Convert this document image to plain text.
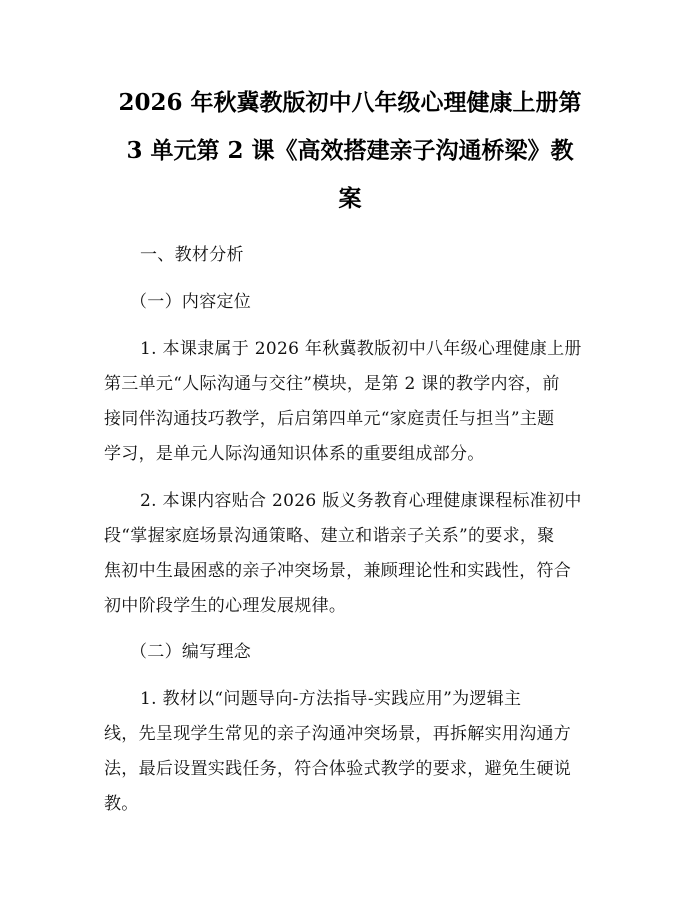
2026 年秋冀教版初中八年级心理健康上册第
3 单元第 2 课《高效搭建亲子沟通桥梁》教
案
一、教材分析
（一）内容定位
1. 本课隶属于 2026 年秋冀教版初中八年级心理健康上册
第三单元“人际沟通与交往”模块，是第 2 课的教学内容，前
接同伴沟通技巧教学，后启第四单元“家庭责任与担当”主题
学习，是单元人际沟通知识体系的重要组成部分。
2. 本课内容贴合 2026 版义务教育心理健康课程标准初中
段“掌握家庭场景沟通策略、建立和谐亲子关系”的要求，聚
焦初中生最困惑的亲子冲突场景，兼顾理论性和实践性，符合
初中阶段学生的心理发展规律。
（二）编写理念
1. 教材以“问题导向-方法指导-实践应用”为逻辑主
线，先呈现学生常见的亲子沟通冲突场景，再拆解实用沟通方
法，最后设置实践任务，符合体验式教学的要求，避免生硬说
教。
